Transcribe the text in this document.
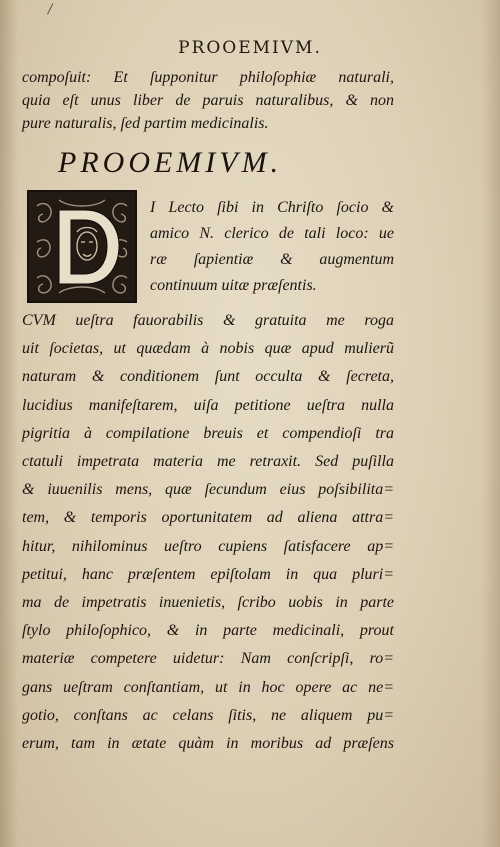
/
PROOEMIVM.
compoſuit: Et ſupponitur philoſophiæ naturali,
quia eſt unus liber de paruis naturalibus, & non
pure naturalis, ſed partim medicinalis.
PROOEMIVM.
I Lecto ſibi in Chriſto ſocio &
amico N. clerico de tali loco: ue
ræ ſapientiæ & augmentum
continuum uitæ præſentis.
CVM ueſtra fauorabilis & gratuita me roga
uit ſocietas, ut quædam à nobis quæ apud mulierũ
naturam & conditionem ſunt occulta & ſecreta,
lucidius manifeſtarem, uiſa petitione ueſtra nulla
pigritia à compilatione breuis et compendioſi tra
ctatuli impetrata materia me retraxit. Sed puſilla
& iuuenilis mens, quæ ſecundum eius poſsibilita=
tem, & temporis oportunitatem ad aliena attra=
hitur, nihilominus ueſtro cupiens ſatisfacere ap=
petitui, hanc præſentem epiſtolam in qua pluri=
ma de impetratis inuenietis, ſcribo uobis in parte
ſtylo philoſophico, & in parte medicinali, prout
materiæ competere uidetur: Nam conſcripſi, ro=
gans ueſtram conſtantiam, ut in hoc opere ac ne=
gotio, conſtans ac celans ſitis, ne aliquem pu=
erum, tam in ætate quàm in moribus ad præſens
